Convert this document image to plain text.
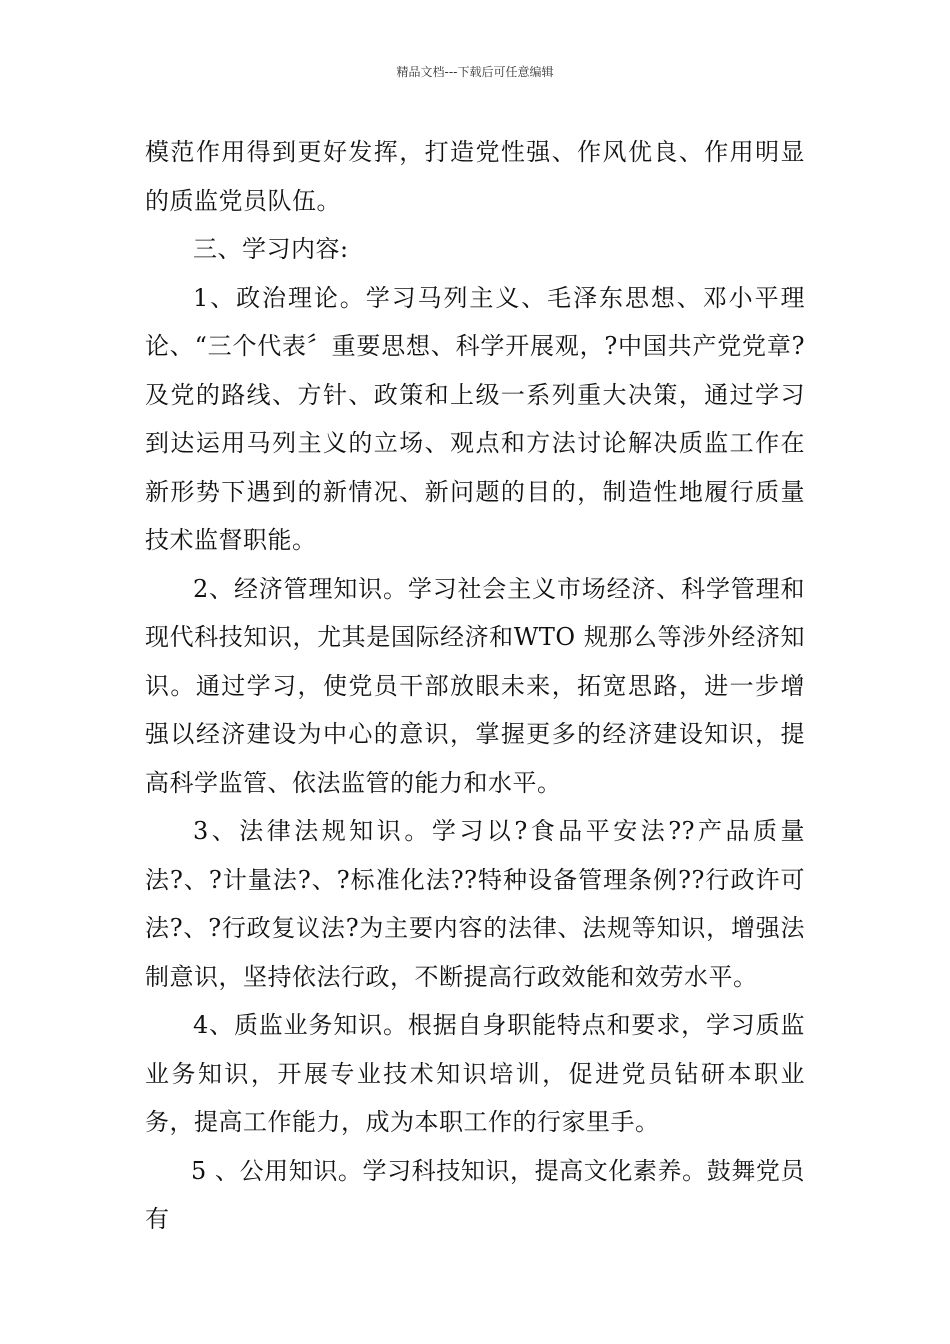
精品文档---下载后可任意编辑

模范作用得到更好发挥，打造党性强、作风优良、作用明显的质监党员队伍。

三、学习内容:

1、政治理论。学习马列主义、毛泽东思想、邓小平理论、“三个代表〞重要思想、科学开展观，?中国共产党党章?及党的路线、方针、政策和上级一系列重大决策，通过学习到达运用马列主义的立场、观点和方法讨论解决质监工作在新形势下遇到的新情况、新问题的目的，制造性地履行质量技术监督职能。

2、经济管理知识。学习社会主义市场经济、科学管理和现代科技知识，尤其是国际经济和WTO 规那么等涉外经济知识。通过学习，使党员干部放眼未来，拓宽思路，进一步增强以经济建设为中心的意识，掌握更多的经济建设知识，提高科学监管、依法监管的能力和水平。

3、法律法规知识。学习以?食品平安法??产品质量法?、?计量法?、?标准化法??特种设备管理条例??行政许可法?、?行政复议法?为主要内容的法律、法规等知识，增强法制意识，坚持依法行政，不断提高行政效能和效劳水平。

4、质监业务知识。根据自身职能特点和要求，学习质监业务知识，开展专业技术知识培训，促进党员钻研本职业务，提高工作能力，成为本职工作的行家里手。

5 、公用知识。学习科技知识，提高文化素养。鼓舞党员有
